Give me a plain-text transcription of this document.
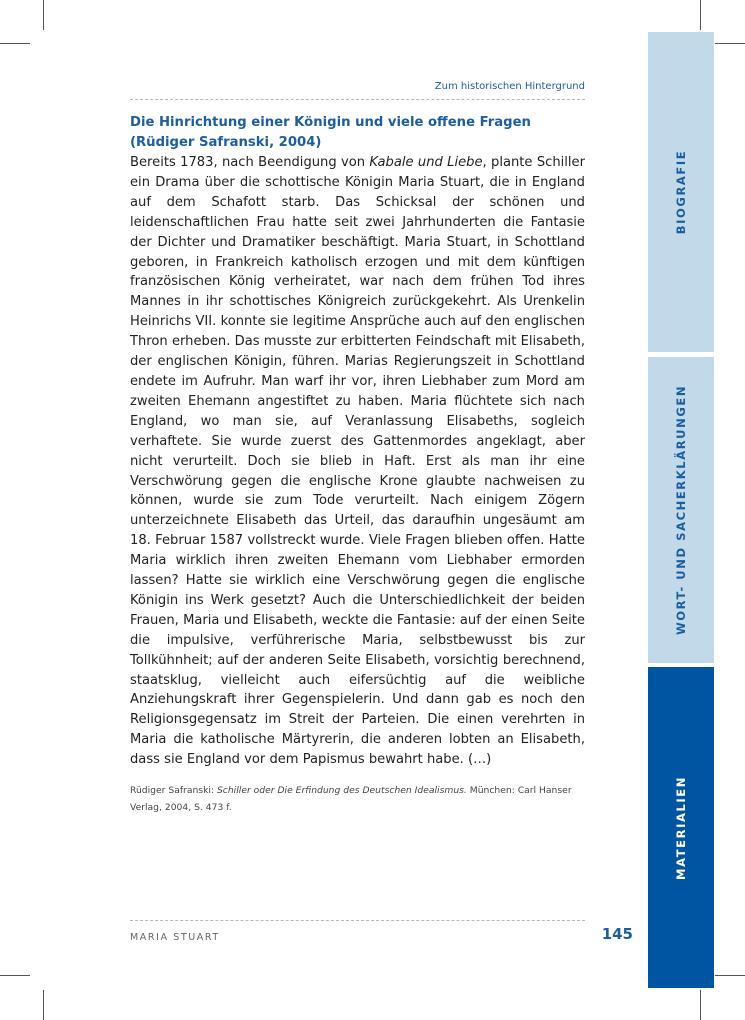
Zum historischen Hintergrund
Die Hinrichtung einer Königin und viele offene Fragen
(Rüdiger Safranski, 2004)
Bereits 1783, nach Beendigung von Kabale und Liebe, plante Schiller ein Drama über die schottische Königin Maria Stuart, die in England auf dem Schafott starb. Das Schicksal der schönen und leidenschaftlichen Frau hatte seit zwei Jahrhunderten die Fantasie der Dichter und Dramatiker beschäftigt. Maria Stuart, in Schottland geboren, in Frankreich katholisch erzogen und mit dem künftigen französischen König verheiratet, war nach dem frühen Tod ihres Mannes in ihr schottisches Königreich zurückgekehrt. Als Urenkelin Heinrichs VII. konnte sie legitime Ansprüche auch auf den englischen Thron erheben. Das musste zur erbitterten Feindschaft mit Elisabeth, der englischen Königin, führen. Marias Regierungszeit in Schottland endete im Aufruhr. Man warf ihr vor, ihren Liebhaber zum Mord am zweiten Ehemann angestiftet zu haben. Maria flüchtete sich nach England, wo man sie, auf Veranlassung Elisabeths, sogleich verhaftete. Sie wurde zuerst des Gattenmordes angeklagt, aber nicht verurteilt. Doch sie blieb in Haft. Erst als man ihr eine Verschwörung gegen die englische Krone glaubte nachweisen zu können, wurde sie zum Tode verurteilt. Nach einigem Zögern unterzeichnete Elisabeth das Urteil, das daraufhin ungesäumt am 18. Februar 1587 vollstreckt wurde. Viele Fragen blieben offen. Hatte Maria wirklich ihren zweiten Ehemann vom Liebhaber ermorden lassen? Hatte sie wirklich eine Verschwörung gegen die englische Königin ins Werk gesetzt? Auch die Unterschiedlichkeit der beiden Frauen, Maria und Elisabeth, weckte die Fantasie: auf der einen Seite die impulsive, verführerische Maria, selbstbewusst bis zur Tollkühnheit; auf der anderen Seite Elisabeth, vorsichtig berechnend, staatsklug, vielleicht auch eifersüchtig auf die weibliche Anziehungskraft ihrer Gegenspielerin. Und dann gab es noch den Religionsgegensatz im Streit der Parteien. Die einen verehrten in Maria die katholische Märtyrerin, die anderen lobten an Elisabeth, dass sie England vor dem Papismus bewahrt habe. (…)
Rüdiger Safranski: Schiller oder Die Erfindung des Deutschen Idealismus. München: Carl Hanser Verlag, 2004, S. 473 f.
MARIA STUART	145
BIOGRAFIE
WORT- UND SACHERKLÄRUNGEN
MATERIALIEN
